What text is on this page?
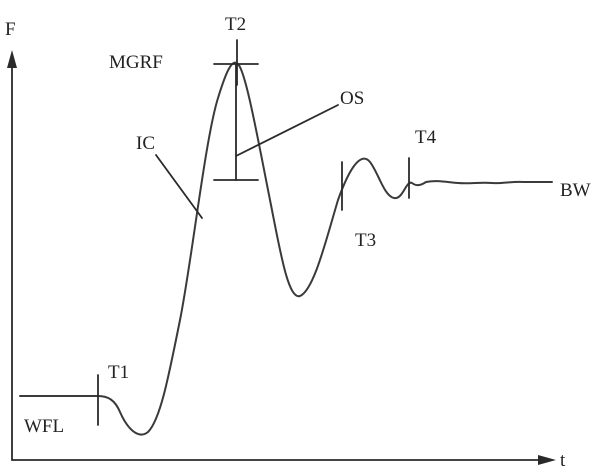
F
t
T1
WFL
T2
MGRF
OS
IC
T3
T4
BW
